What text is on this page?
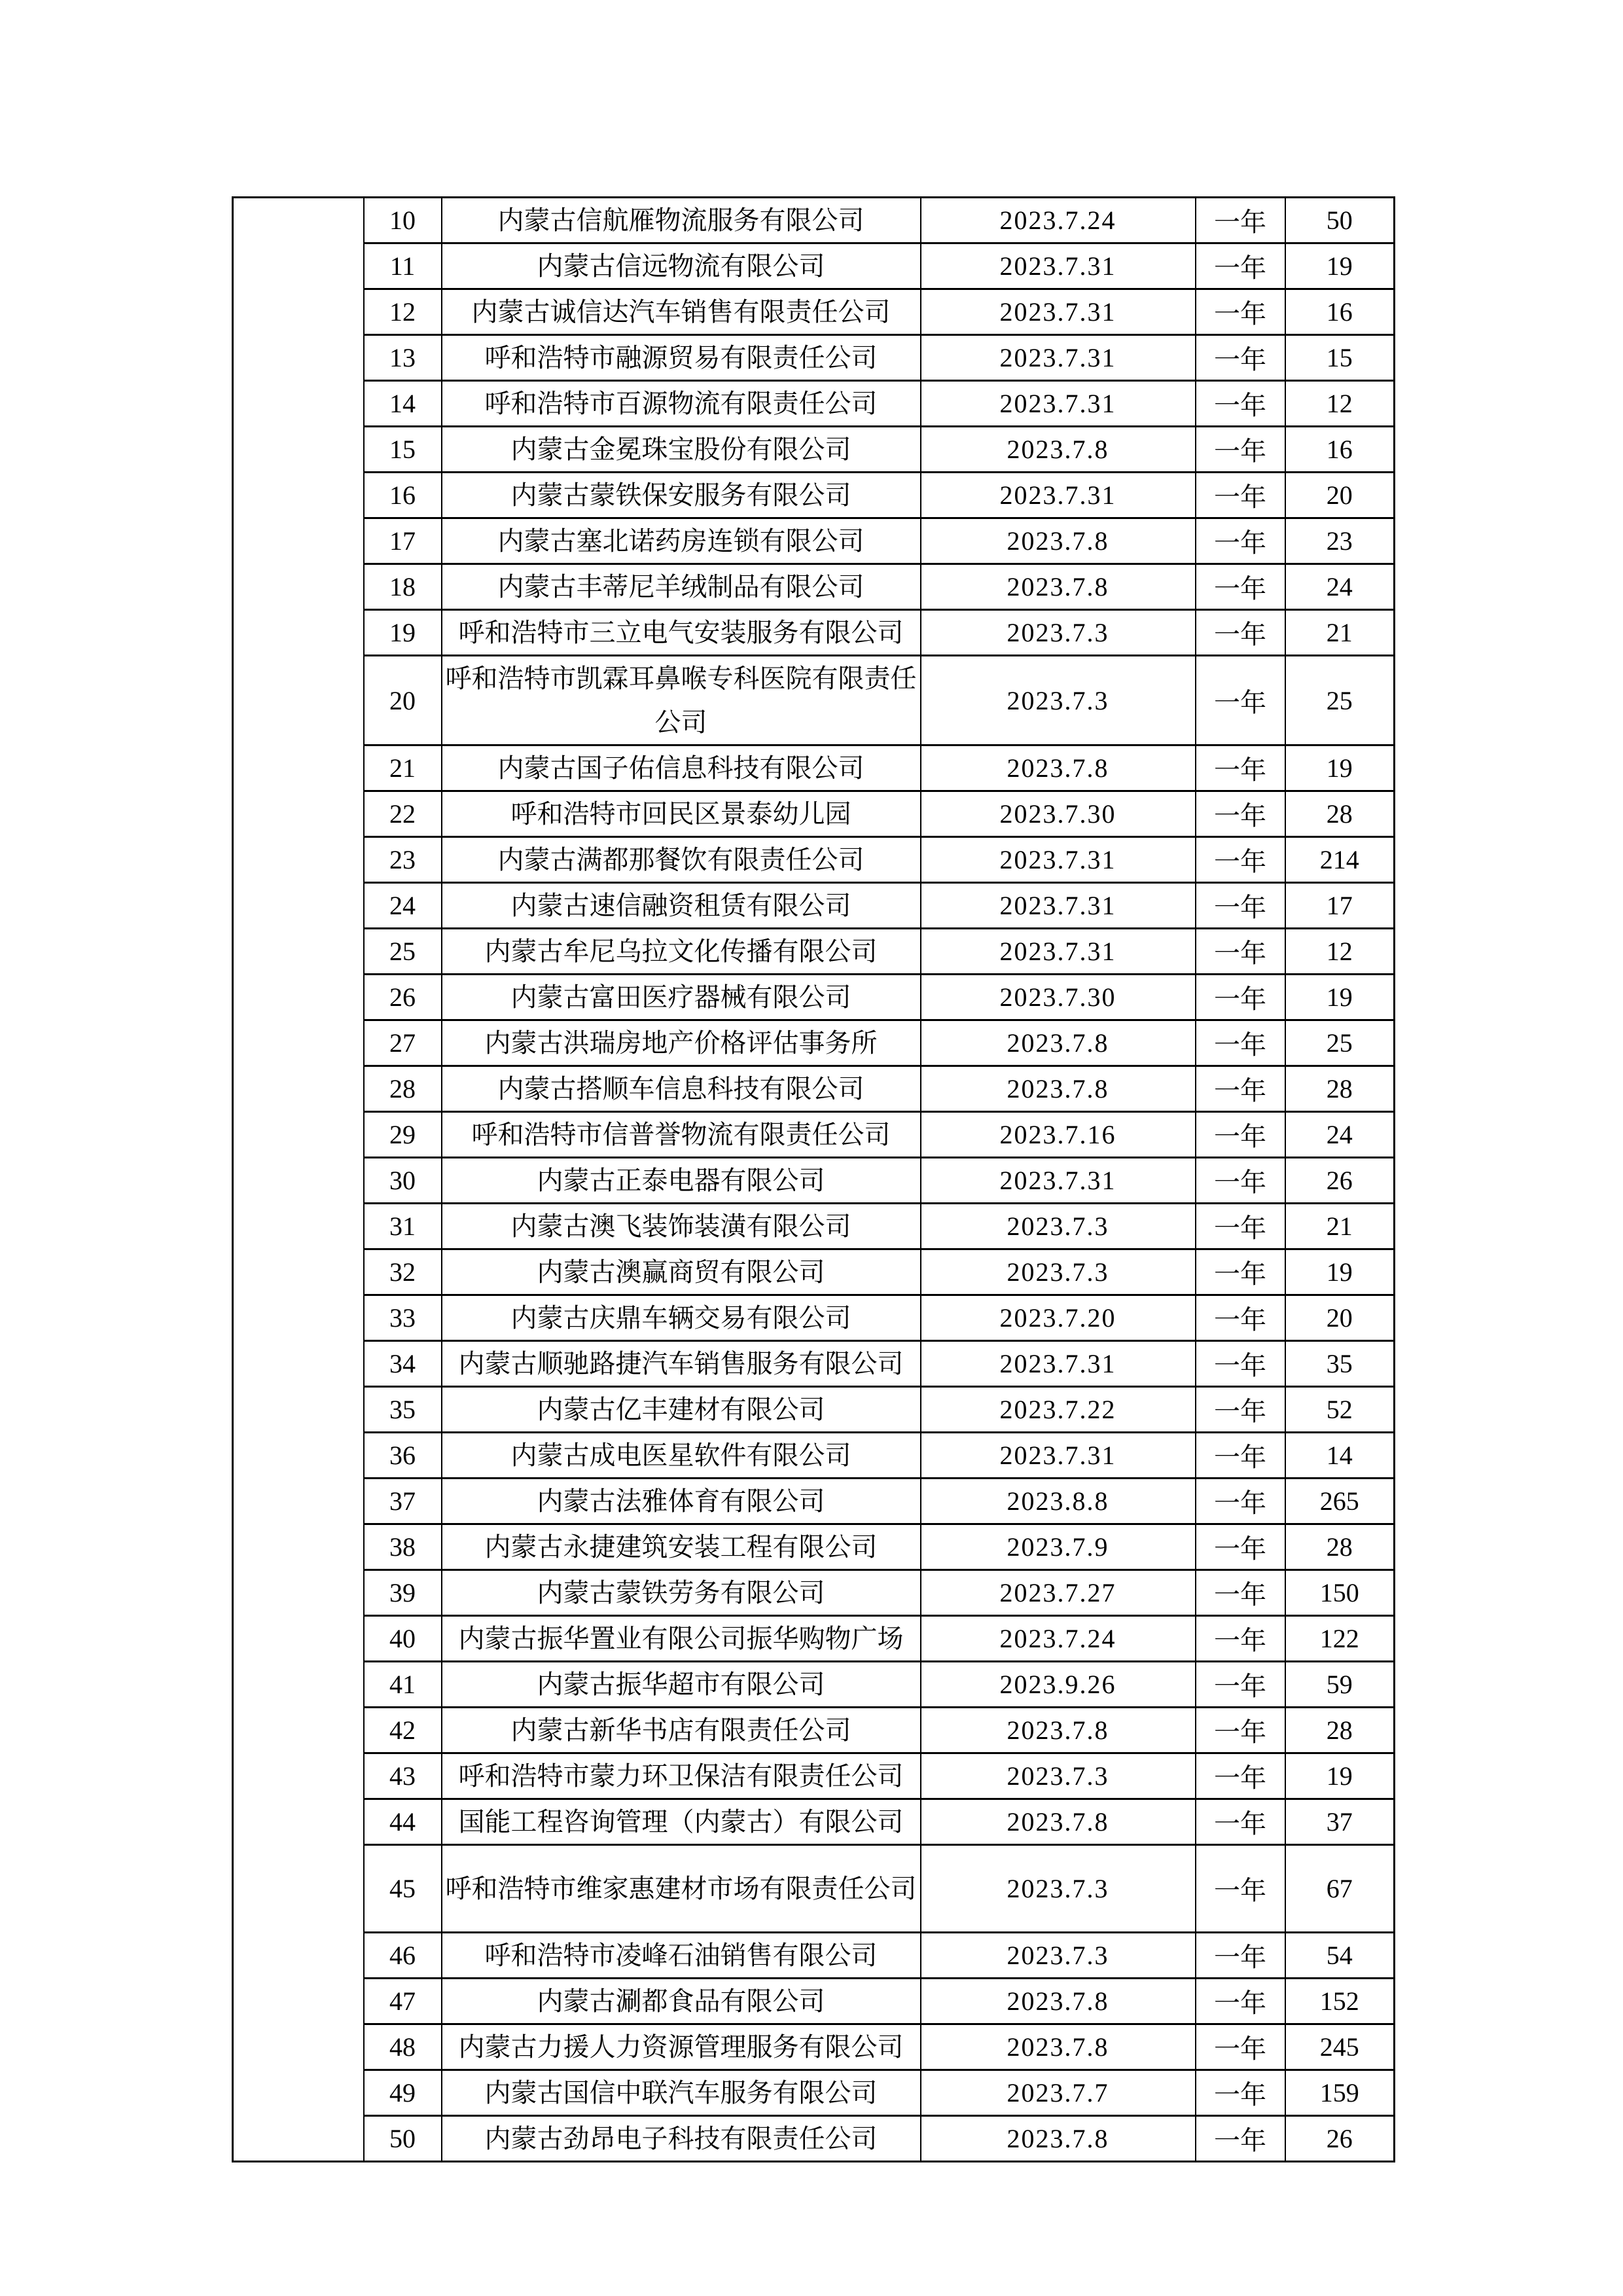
	10	内蒙古信航雁物流服务有限公司	2023.7.24	一年	50
	11	内蒙古信远物流有限公司	2023.7.31	一年	19
	12	内蒙古诚信达汽车销售有限责任公司	2023.7.31	一年	16
	13	呼和浩特市融源贸易有限责任公司	2023.7.31	一年	15
	14	呼和浩特市百源物流有限责任公司	2023.7.31	一年	12
	15	内蒙古金冕珠宝股份有限公司	2023.7.8	一年	16
	16	内蒙古蒙铁保安服务有限公司	2023.7.31	一年	20
	17	内蒙古塞北诺药房连锁有限公司	2023.7.8	一年	23
	18	内蒙古丰蒂尼羊绒制品有限公司	2023.7.8	一年	24
	19	呼和浩特市三立电气安装服务有限公司	2023.7.3	一年	21
	20	呼和浩特市凯霖耳鼻喉专科医院有限责任公司	2023.7.3	一年	25
	21	内蒙古国子佑信息科技有限公司	2023.7.8	一年	19
	22	呼和浩特市回民区景泰幼儿园	2023.7.30	一年	28
	23	内蒙古满都那餐饮有限责任公司	2023.7.31	一年	214
	24	内蒙古速信融资租赁有限公司	2023.7.31	一年	17
	25	内蒙古牟尼乌拉文化传播有限公司	2023.7.31	一年	12
	26	内蒙古富田医疗器械有限公司	2023.7.30	一年	19
	27	内蒙古洪瑞房地产价格评估事务所	2023.7.8	一年	25
	28	内蒙古搭顺车信息科技有限公司	2023.7.8	一年	28
	29	呼和浩特市信普誉物流有限责任公司	2023.7.16	一年	24
	30	内蒙古正泰电器有限公司	2023.7.31	一年	26
	31	内蒙古澳飞装饰装潢有限公司	2023.7.3	一年	21
	32	内蒙古澳赢商贸有限公司	2023.7.3	一年	19
	33	内蒙古庆鼎车辆交易有限公司	2023.7.20	一年	20
	34	内蒙古顺驰路捷汽车销售服务有限公司	2023.7.31	一年	35
	35	内蒙古亿丰建材有限公司	2023.7.22	一年	52
	36	内蒙古成电医星软件有限公司	2023.7.31	一年	14
	37	内蒙古法雅体育有限公司	2023.8.8	一年	265
	38	内蒙古永捷建筑安装工程有限公司	2023.7.9	一年	28
	39	内蒙古蒙铁劳务有限公司	2023.7.27	一年	150
	40	内蒙古振华置业有限公司振华购物广场	2023.7.24	一年	122
	41	内蒙古振华超市有限公司	2023.9.26	一年	59
	42	内蒙古新华书店有限责任公司	2023.7.8	一年	28
	43	呼和浩特市蒙力环卫保洁有限责任公司	2023.7.3	一年	19
	44	国能工程咨询管理（内蒙古）有限公司	2023.7.8	一年	37
	45	呼和浩特市维家惠建材市场有限责任公司	2023.7.3	一年	67
	46	呼和浩特市凌峰石油销售有限公司	2023.7.3	一年	54
	47	内蒙古涮都食品有限公司	2023.7.8	一年	152
	48	内蒙古力援人力资源管理服务有限公司	2023.7.8	一年	245
	49	内蒙古国信中联汽车服务有限公司	2023.7.7	一年	159
	50	内蒙古劲昂电子科技有限责任公司	2023.7.8	一年	26
